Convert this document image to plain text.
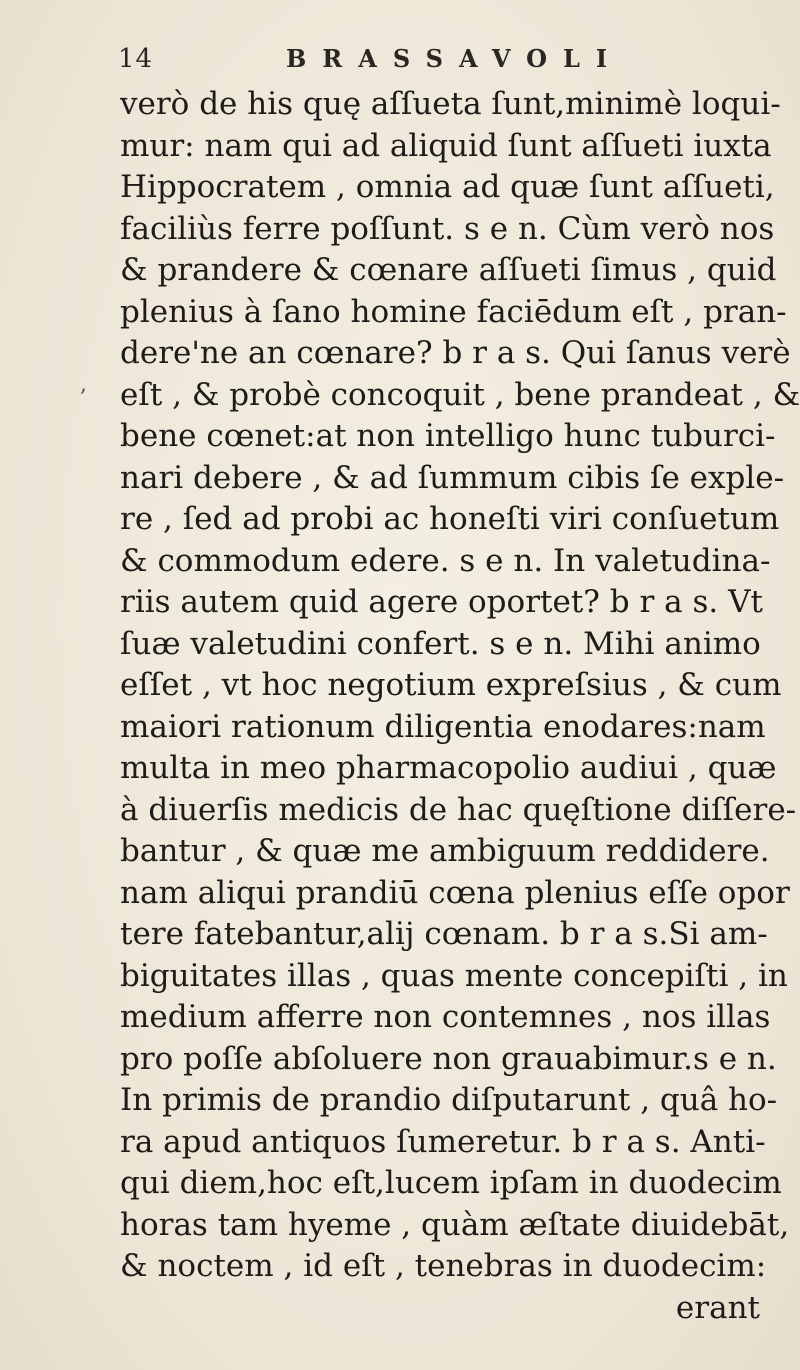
14	BRASSAVOLI
,
verò de his quę aſſueta ſunt,minimè loqui-
mur: nam qui ad aliquid ſunt aſſueti iuxta
Hippocratem , omnia ad quæ ſunt aſſueti,
faciliùs ferre poſſunt. s e n. Cùm verò nos
& prandere & cœnare aſſueti ſimus , quid
plenius à ſano homine faciēdum eſt , pran-
dere'ne an cœnare? b r a s. Qui ſanus verè
eſt , & probè concoquit , bene prandeat , &
bene cœnet:at non intelligo hunc tuburci-
nari debere , & ad ſummum cibis ſe exple-
re , ſed ad probi ac honeſti viri conſuetum
& commodum edere. s e n. In valetudina-
riis autem quid agere oportet? b r a s. Vt
ſuæ valetudini confert. s e n. Mihi animo
eſſet , vt hoc negotium expreſsius , & cum
maiori rationum diligentia enodares:nam
multa in meo pharmacopolio audiui , quæ
à diuerſis medicis de hac quęſtione diſſere-
bantur , & quæ me ambiguum reddidere.
nam aliqui prandiū cœna plenius eſſe opor
tere fatebantur,alij cœnam. b r a s.Si am-
biguitates illas , quas mente concepiſti , in
medium afferre non contemnes , nos illas
pro poſſe abſoluere non grauabimur.s e n.
In primis de prandio diſputarunt , quâ ho-
ra apud antiquos ſumeretur. b r a s. Anti-
qui diem,hoc eſt,lucem ipſam in duodecim
horas tam hyeme , quàm æſtate diuidebāt,
& noctem , id eſt , tenebras in duodecim:
erant
